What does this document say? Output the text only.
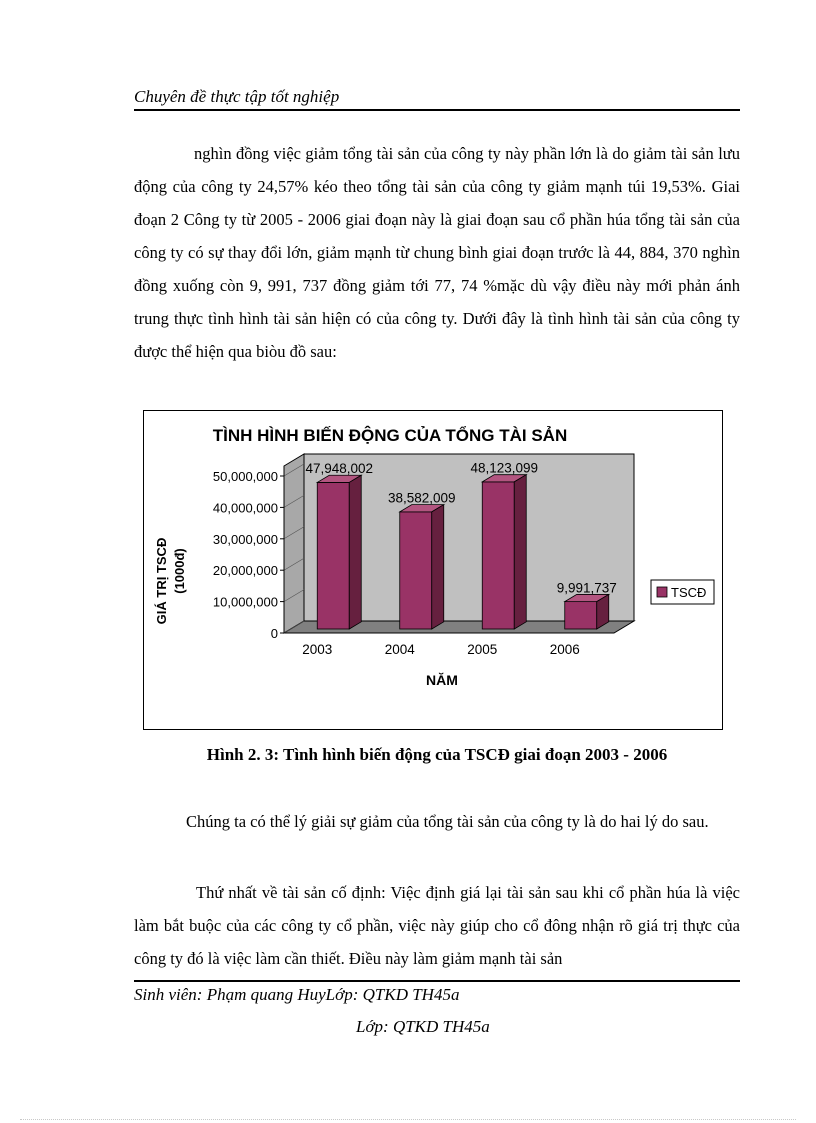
Chuyên đề thực tập tốt nghiệp
nghìn đồng việc giảm tổng tài sản của công ty này phần lớn là do giảm tài sản lưu động của công ty 24,57% kéo theo tổng tài sản của công ty giảm mạnh túi 19,53%. Giai đoạn 2 Công ty từ 2005 - 2006 giai đoạn này là giai đoạn sau cổ phần húa tổng tài sản của công ty có sự thay đổi lớn, giảm mạnh từ chung bình giai đoạn trước là 44, 884, 370 nghìn đồng xuống còn 9, 991, 737 đồng giảm tới 77, 74 %mặc dù vậy điều này mới phản ánh trung thực tình hình tài sản hiện có của công ty. Dưới đây là tình hình tài sản của công ty được thể hiện qua biòu đồ sau:
TÌNH HÌNH BIẾN ĐỘNG CỦA TỔNG TÀI SẢN
0
10,000,000
20,000,000
30,000,000
40,000,000
50,000,000
47,948,002
38,582,009
48,123,099
9,991,737
2003	2004	2005	2006
GIÁ TRỊ TSCĐ (1000đ)
NĂM
TSCĐ
Hình 2. 3: Tình hình biến động của TSCĐ giai đoạn 2003 - 2006
Chúng ta có thể lý giải sự giảm của tổng tài sản của công ty là do hai lý do sau.
Thứ nhất về tài sản cố định: Việc định giá lại tài sản sau khi cổ phần húa là việc làm bắt buộc của các công ty cổ phần, việc này giúp cho cổ đông nhận rõ giá trị thực của công ty đó là việc làm cần thiết. Điều này làm giảm mạnh tài sản
Sinh viên: Phạm quang HuyLớp: QTKD TH45a
Lớp: QTKD TH45a
